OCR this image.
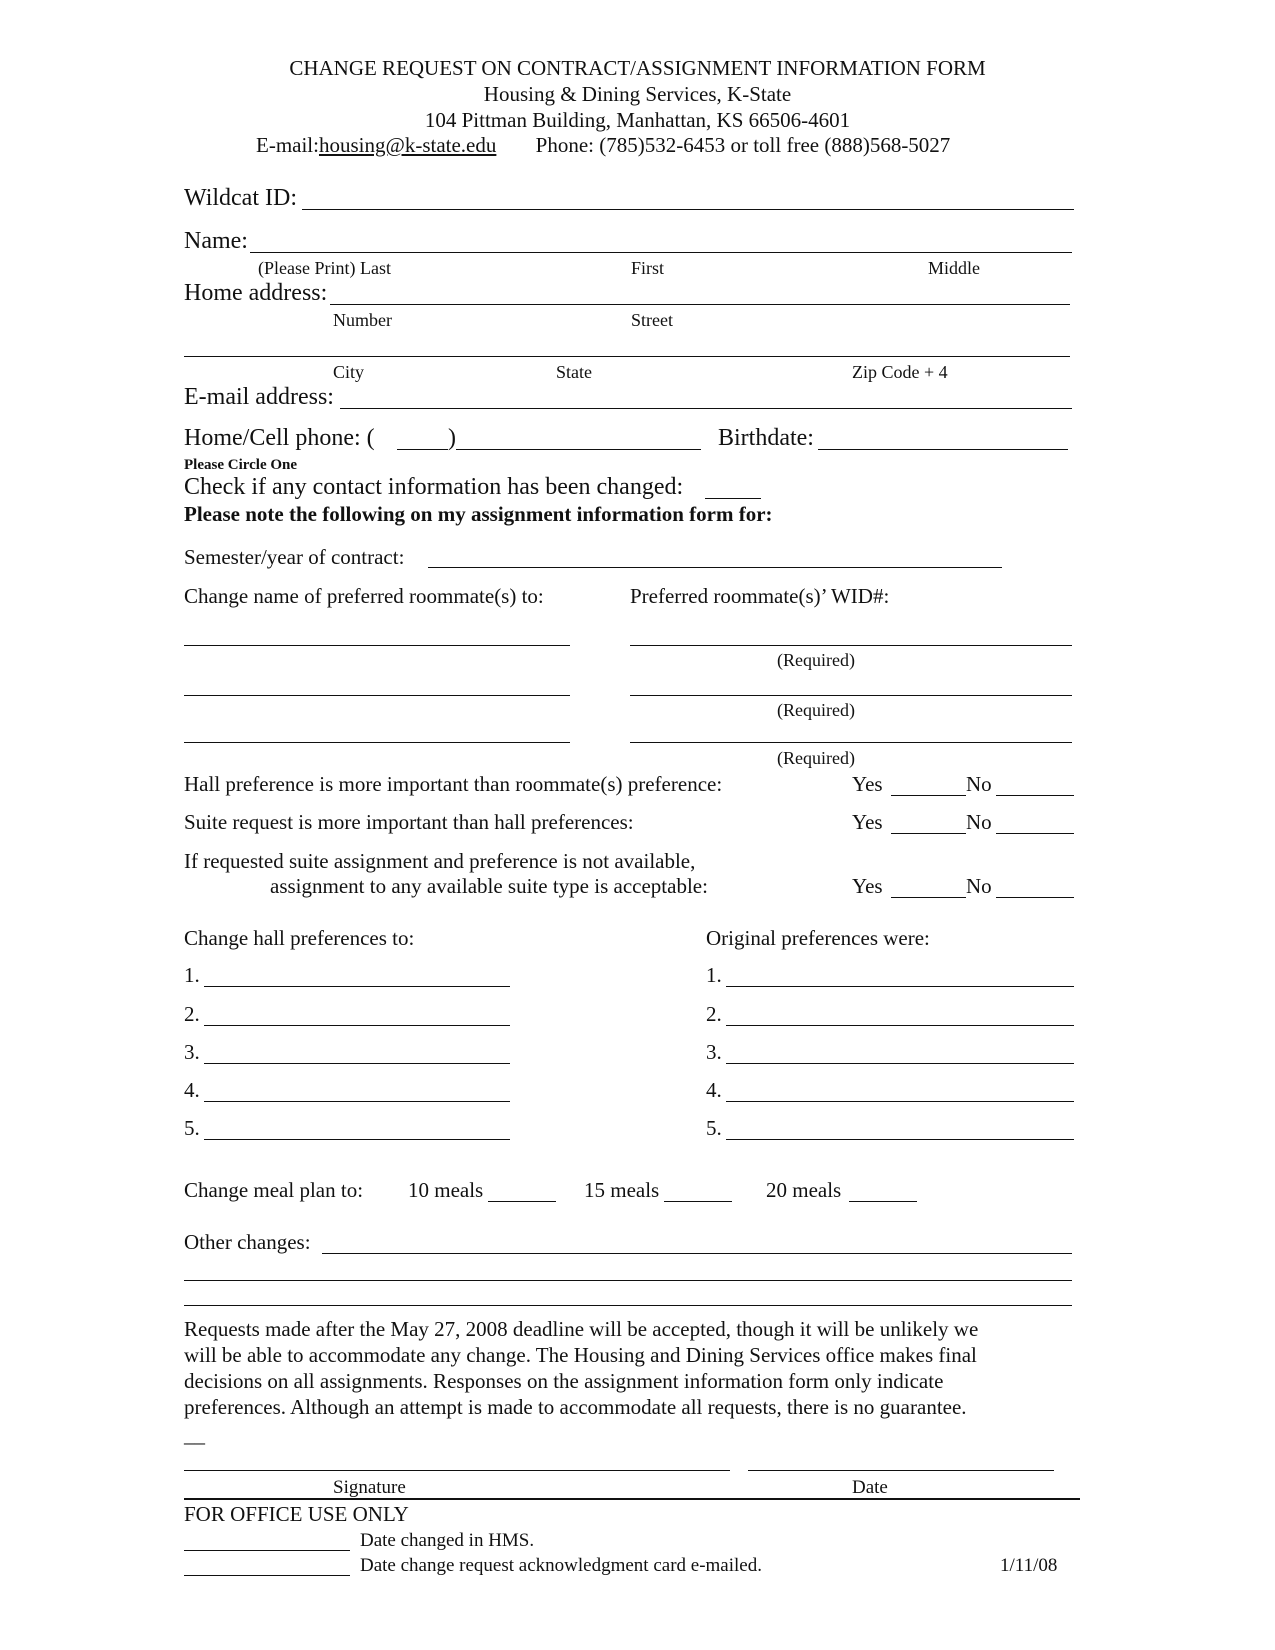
CHANGE REQUEST ON CONTRACT/ASSIGNMENT INFORMATION FORM
Housing & Dining Services, K-State
104 Pittman Building, Manhattan, KS 66506-4601
E-mail:housing@k-state.edu Phone: (785)532-6453 or toll free (888)568-5027
Wildcat ID:
Name:
(Please Print) Last	First	Middle
Home address:
Number	Street
City	State	Zip Code + 4
E-mail address:
Home/Cell phone: (	)	Birthdate:
Please Circle One
Check if any contact information has been changed:
Please note the following on my assignment information form for:
Semester/year of contract:
Change name of preferred roommate(s) to:	Preferred roommate(s)’ WID#:
(Required)
(Required)
(Required)
Hall preference is more important than roommate(s) preference:	Yes	No
Suite request is more important than hall preferences:	Yes	No
If requested suite assignment and preference is not available,
assignment to any available suite type is acceptable:	Yes	No
Change hall preferences to:	Original preferences were:
1.	1.
2.	2.
3.	3.
4.	4.
5.	5.
Change meal plan to: 10 meals	15 meals	20 meals
Other changes:
Requests made after the May 27, 2008 deadline will be accepted, though it will be unlikely we
will be able to accommodate any change. The Housing and Dining Services office makes final
decisions on all assignments. Responses on the assignment information form only indicate
preferences. Although an attempt is made to accommodate all requests, there is no guarantee.
__
Signature	Date
FOR OFFICE USE ONLY
Date changed in HMS.
Date change request acknowledgment card e-mailed.	1/11/08
